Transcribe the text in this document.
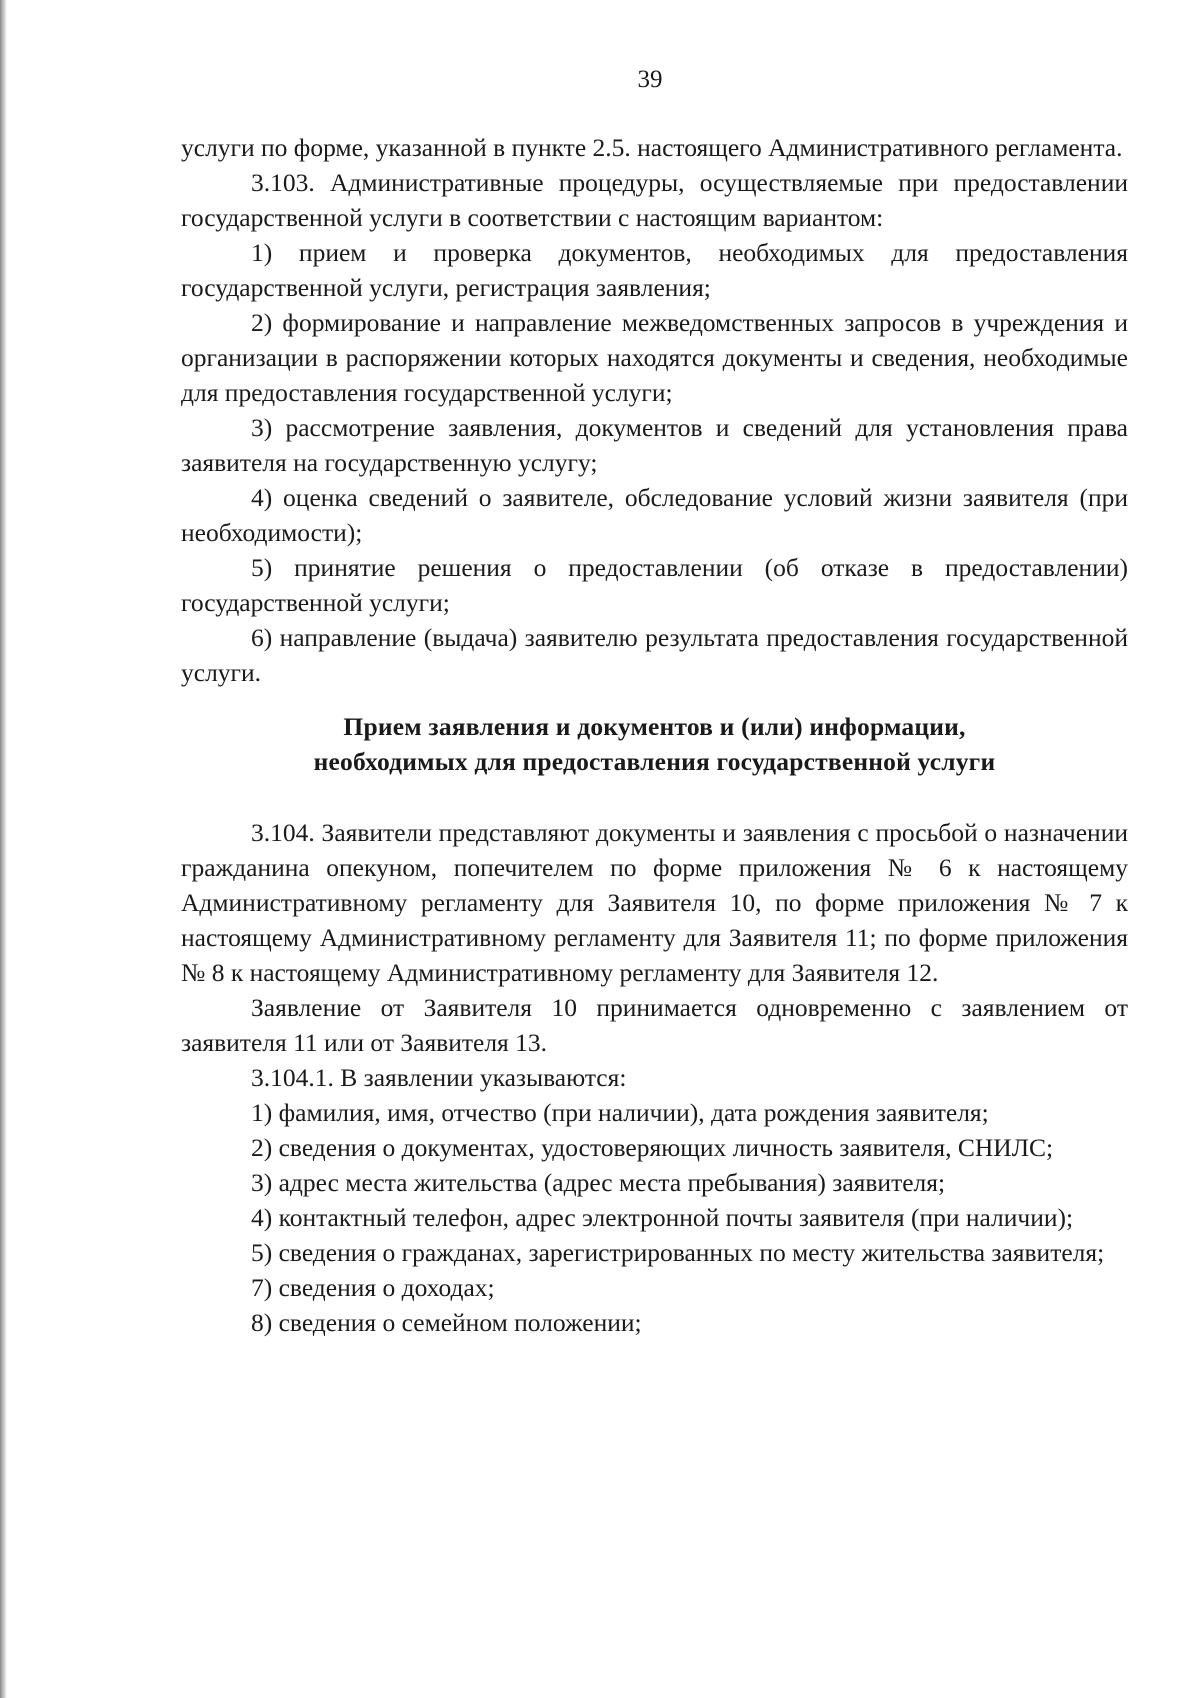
39

услуги по форме, указанной в пункте 2.5. настоящего Административного регламента.

3.103. Административные процедуры, осуществляемые при предоставлении государственной услуги в соответствии с настоящим вариантом:

1) прием и проверка документов, необходимых для предоставления государственной услуги, регистрация заявления;

2) формирование и направление межведомственных запросов в учреждения и организации в распоряжении которых находятся документы и сведения, необходимые для предоставления государственной услуги;

3) рассмотрение заявления, документов и сведений для установления права заявителя на государственную услугу;

4) оценка сведений о заявителе, обследование условий жизни заявителя (при необходимости);

5) принятие решения о предоставлении (об отказе в предоставлении) государственной услуги;

6) направление (выдача) заявителю результата предоставления государственной услуги.

Прием заявления и документов и (или) информации,
необходимых для предоставления государственной услуги

3.104. Заявители представляют документы и заявления с просьбой о назначении гражданина опекуном, попечителем по форме приложения № 6 к настоящему Административному регламенту для Заявителя 10, по форме приложения № 7 к настоящему Административному регламенту для Заявителя 11; по форме приложения № 8 к настоящему Административному регламенту для Заявителя 12.

Заявление от Заявителя 10 принимается одновременно с заявлением от заявителя 11 или от Заявителя 13.

3.104.1. В заявлении указываются:

1) фамилия, имя, отчество (при наличии), дата рождения заявителя;

2) сведения о документах, удостоверяющих личность заявителя, СНИЛС;

3) адрес места жительства (адрес места пребывания) заявителя;

4) контактный телефон, адрес электронной почты заявителя (при наличии);

5) сведения о гражданах, зарегистрированных по месту жительства заявителя;

7) сведения о доходах;

8) сведения о семейном положении;
